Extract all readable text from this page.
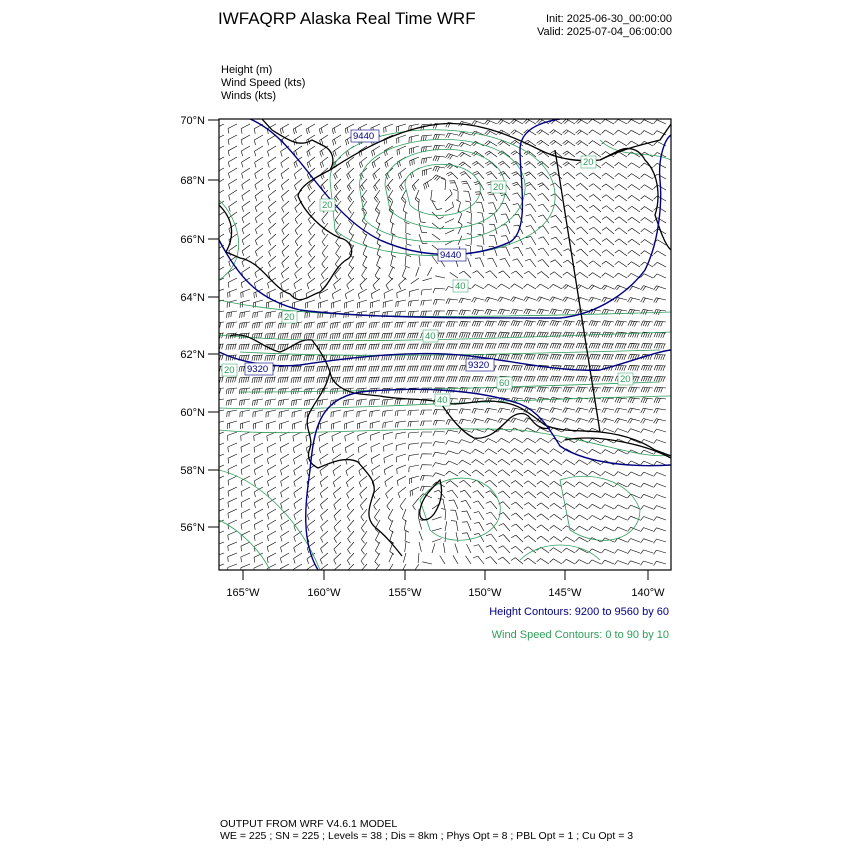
IWFAQRP Alaska Real Time WRF	Init: 2025-06-30_00:00:00
Valid: 2025-07-04_06:00:00
Height (m)
Wind Speed (kts)
Winds (kts)
70°N
68°N
66°N
64°N
62°N
60°N
58°N
56°N
165°W	160°W	155°W	150°W	145°W	140°W
9440
9440
9320	9320
20
20
40
40
20
20
60
40
20
20
Height Contours: 9200 to 9560 by 60
Wind Speed Contours: 0 to 90 by 10
OUTPUT FROM WRF V4.6.1 MODEL
WE = 225 ; SN = 225 ; Levels = 38 ; Dis = 8km ; Phys Opt = 8 ; PBL Opt = 1 ; Cu Opt = 3
